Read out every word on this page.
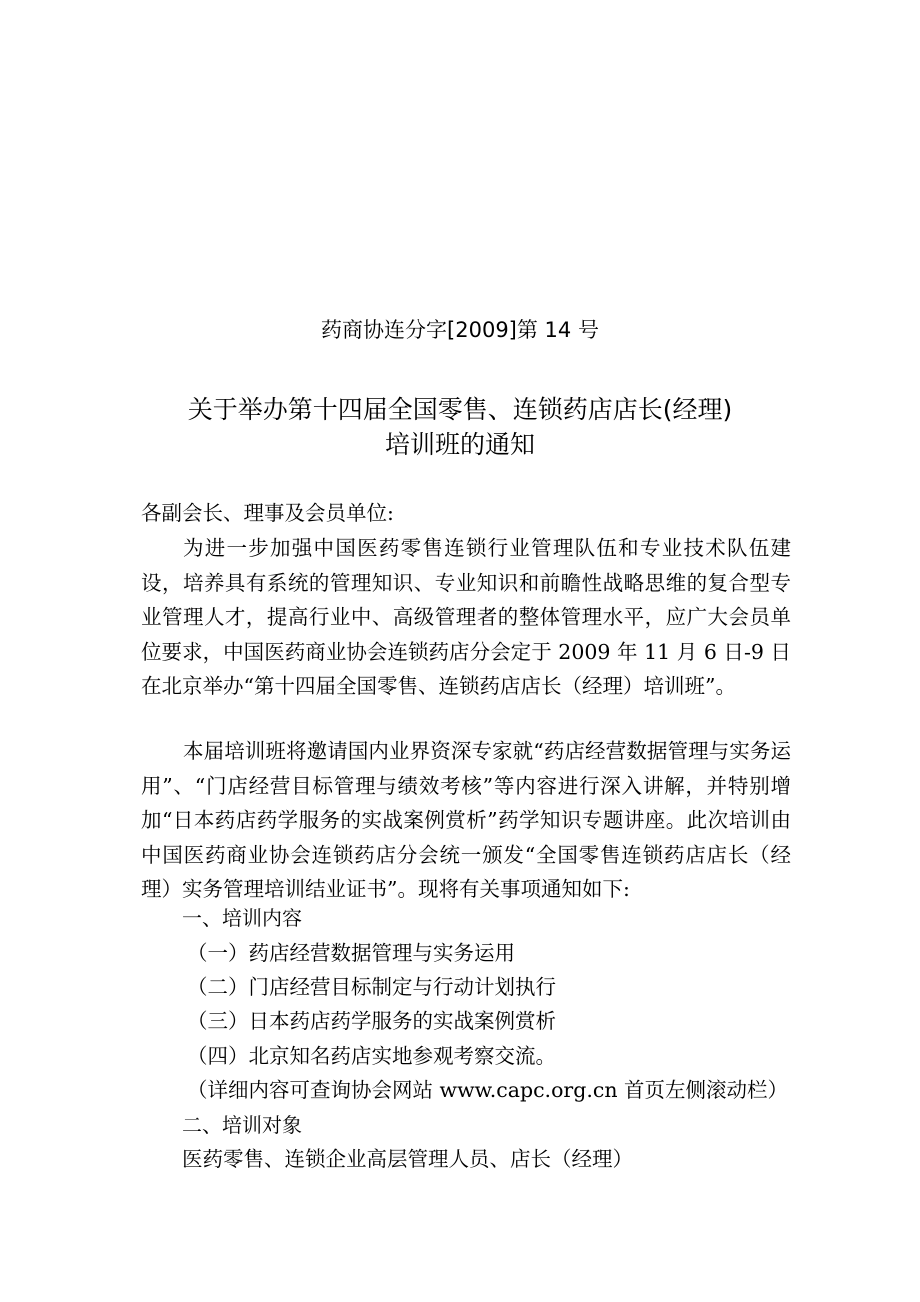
药商协连分字[2009]第 14 号
关于举办第十四届全国零售、连锁药店店长(经理)
培训班的通知
各副会长、理事及会员单位:
为进一步加强中国医药零售连锁行业管理队伍和专业技术队伍建设，培养具有系统的管理知识、专业知识和前瞻性战略思维的复合型专业管理人才，提高行业中、高级管理者的整体管理水平，应广大会员单位要求，中国医药商业协会连锁药店分会定于 2009 年 11 月 6 日-9 日在北京举办“第十四届全国零售、连锁药店店长（经理）培训班”。
本届培训班将邀请国内业界资深专家就“药店经营数据管理与实务运用”、“门店经营目标管理与绩效考核”等内容进行深入讲解，并特别增加“日本药店药学服务的实战案例赏析”药学知识专题讲座。此次培训由中国医药商业协会连锁药店分会统一颁发“全国零售连锁药店店长（经理）实务管理培训结业证书”。现将有关事项通知如下:
一、培训内容
（一）药店经营数据管理与实务运用
（二）门店经营目标制定与行动计划执行
（三）日本药店药学服务的实战案例赏析
（四）北京知名药店实地参观考察交流。
（详细内容可查询协会网站 www.capc.org.cn 首页左侧滚动栏）
二、培训对象
医药零售、连锁企业高层管理人员、店长（经理）
